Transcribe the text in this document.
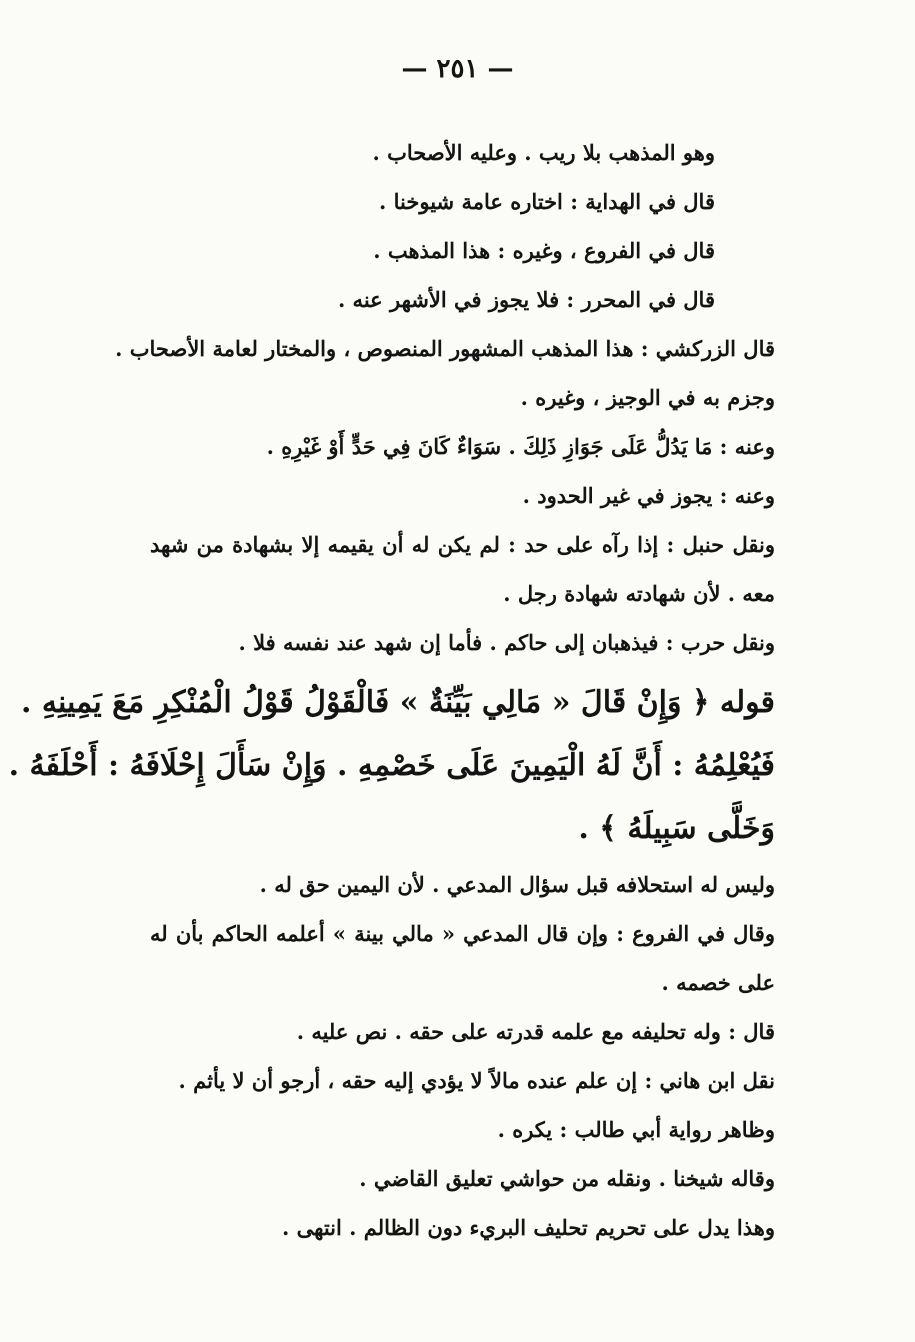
— ٢٥١ —
وهو المذهب بلا ريب . وعليه الأصحاب .
قال في الهداية : اختاره عامة شيوخنا .
قال في الفروع ، وغيره : هذا المذهب .
قال في المحرر : فلا يجوز في الأشهر عنه .
قال الزركشي : هذا المذهب المشهور المنصوص ، والمختار لعامة الأصحاب .
وجزم به في الوجيز ، وغيره .
وعنه : مَا يَدُلُّ عَلَى جَوَازِ ذَلِكَ . سَوَاءٌ كَانَ فِي حَدٍّ أَوْ غَيْرِهِ .
وعنه : يجوز في غير الحدود .
ونقل حنبل : إذا رآه على حد : لم يكن له أن يقيمه إلا بشهادة من شهد
معه . لأن شهادته شهادة رجل .
ونقل حرب : فيذهبان إلى حاكم . فأما إن شهد عند نفسه فلا .
قوله ﴿ وَإِنْ قَالَ « مَالِي بَيِّنَةٌ » فَالْقَوْلُ قَوْلُ الْمُنْكِرِ مَعَ يَمِينِهِ .
فَيُعْلِمُهُ : أَنَّ لَهُ الْيَمِينَ عَلَى خَصْمِهِ . وَإِنْ سَأَلَ إِحْلَافَهُ : أَحْلَفَهُ .
وَخَلَّى سَبِيلَهُ ﴾ .
وليس له استحلافه قبل سؤال المدعي . لأن اليمين حق له .
وقال في الفروع : وإن قال المدعي « مالي بينة » أعلمه الحاكم بأن له
على خصمه .
قال : وله تحليفه مع علمه قدرته على حقه . نص عليه .
نقل ابن هاني : إن علم عنده مالاً لا يؤدي إليه حقه ، أرجو أن لا يأثم .
وظاهر رواية أبي طالب : يكره .
وقاله شيخنا . ونقله من حواشي تعليق القاضي .
وهذا يدل على تحريم تحليف البريء دون الظالم . انتهى .
